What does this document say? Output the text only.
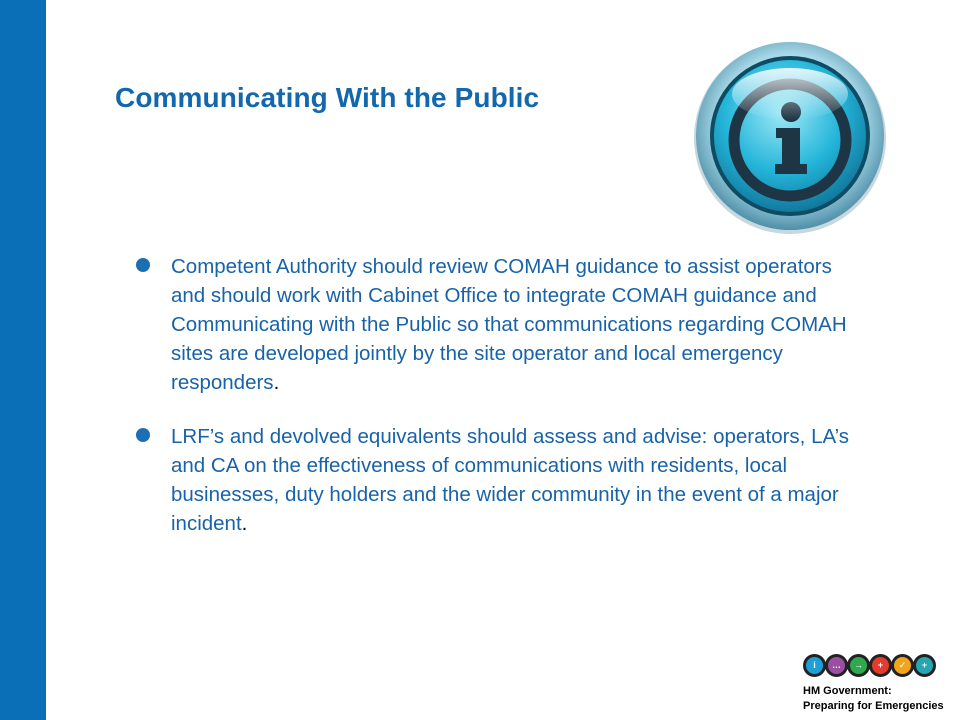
Communicating With the Public
Competent Authority should review COMAH guidance to assist operators and should work with Cabinet Office to integrate COMAH guidance and Communicating with the Public so that communications regarding COMAH sites are developed jointly by the site operator and local emergency responders.
LRF’s and devolved equivalents should assess and advise: operators, LA’s and CA on the effectiveness of communications with residents, local businesses, duty holders and the wider community in the event of a major incident.
i	…	→	+	✓	+
HM Government:
Preparing for Emergencies
